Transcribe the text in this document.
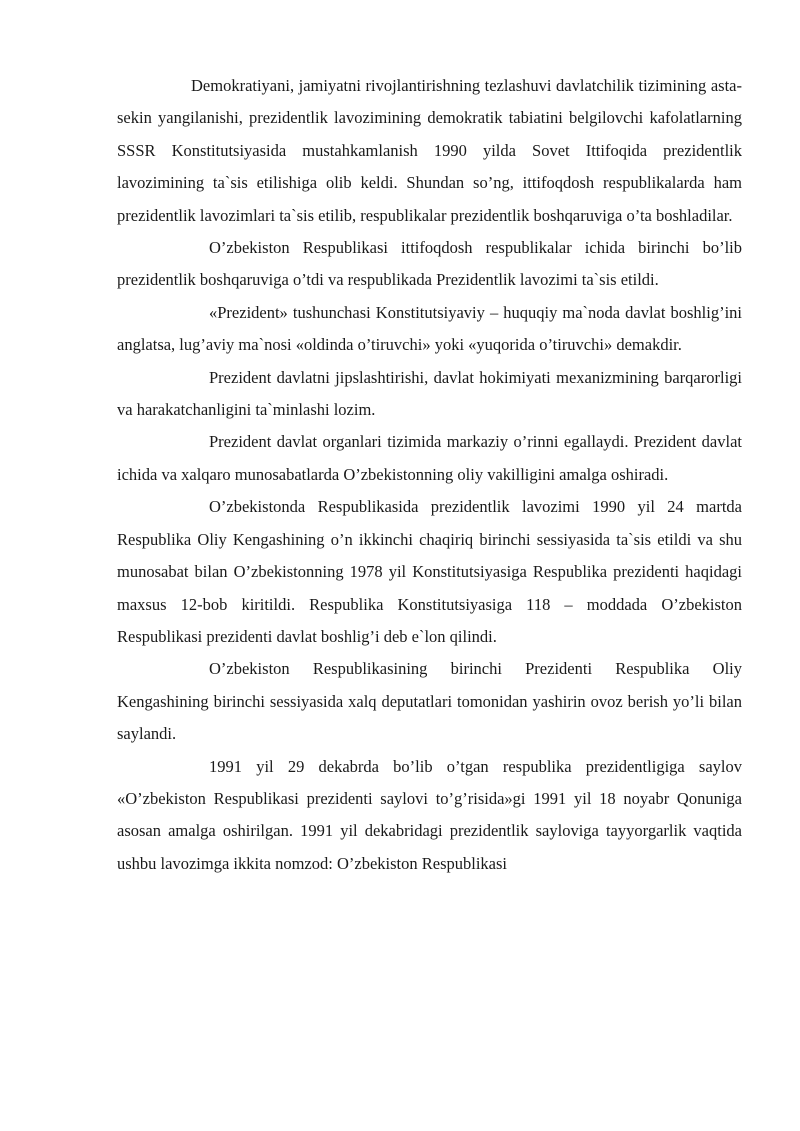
Demokratiyani, jamiyatni rivojlantirishning tezlashuvi davlatchilik tizimining asta-sekin yangilanishi, prezidentlik lavozimining demokratik tabiatini belgilovchi kafolatlarning SSSR Konstitutsiyasida mustahkamlanish 1990 yilda Sovet Ittifoqida prezidentlik lavozimining ta`sis etilishiga olib keldi. Shundan so’ng, ittifoqdosh respublikalarda ham prezidentlik lavozimlari ta`sis etilib, respublikalar prezidentlik boshqaruviga o’ta boshladilar.

O’zbekiston Respublikasi ittifoqdosh respublikalar ichida birinchi bo’lib prezidentlik boshqaruviga o’tdi va respublikada Prezidentlik lavozimi ta`sis etildi.

«Prezident» tushunchasi Konstitutsiyaviy – huquqiy ma`noda davlat boshlig’ini anglatsa, lug’aviy ma`nosi «oldinda o’tiruvchi» yoki «yuqorida o’tiruvchi» demakdir.

Prezident davlatni jipslashtirishi, davlat hokimiyati mexanizmining barqarorligi va harakatchanligini ta`minlashi lozim.

Prezident davlat organlari tizimida markaziy o’rinni egallaydi. Prezident davlat ichida va xalqaro munosabatlarda O’zbekistonning oliy vakilligini amalga oshiradi.

O’zbekistonda Respublikasida prezidentlik lavozimi 1990 yil 24 martda Respublika Oliy Kengashining o’n ikkinchi chaqiriq birinchi sessiyasida ta`sis etildi va shu munosabat bilan O’zbekistonning 1978 yil Konstitutsiyasiga Respublika prezidenti haqidagi maxsus 12-bob kiritildi. Respublika Konstitutsiyasiga 118 – moddada O’zbekiston Respublikasi prezidenti davlat boshlig’i deb e`lon qilindi.

O’zbekiston Respublikasining birinchi Prezidenti Respublika Oliy Kengashining birinchi sessiyasida xalq deputatlari tomonidan yashirin ovoz berish yo’li bilan saylandi.

1991 yil 29 dekabrda bo’lib o’tgan respublika prezidentligiga saylov «O’zbekiston Respublikasi prezidenti saylovi to’g’risida»gi 1991 yil 18 noyabr Qonuniga asosan amalga oshirilgan. 1991 yil dekabridagi prezidentlik sayloviga tayyorgarlik vaqtida ushbu lavozimga ikkita nomzod: O’zbekiston Respublikasi
